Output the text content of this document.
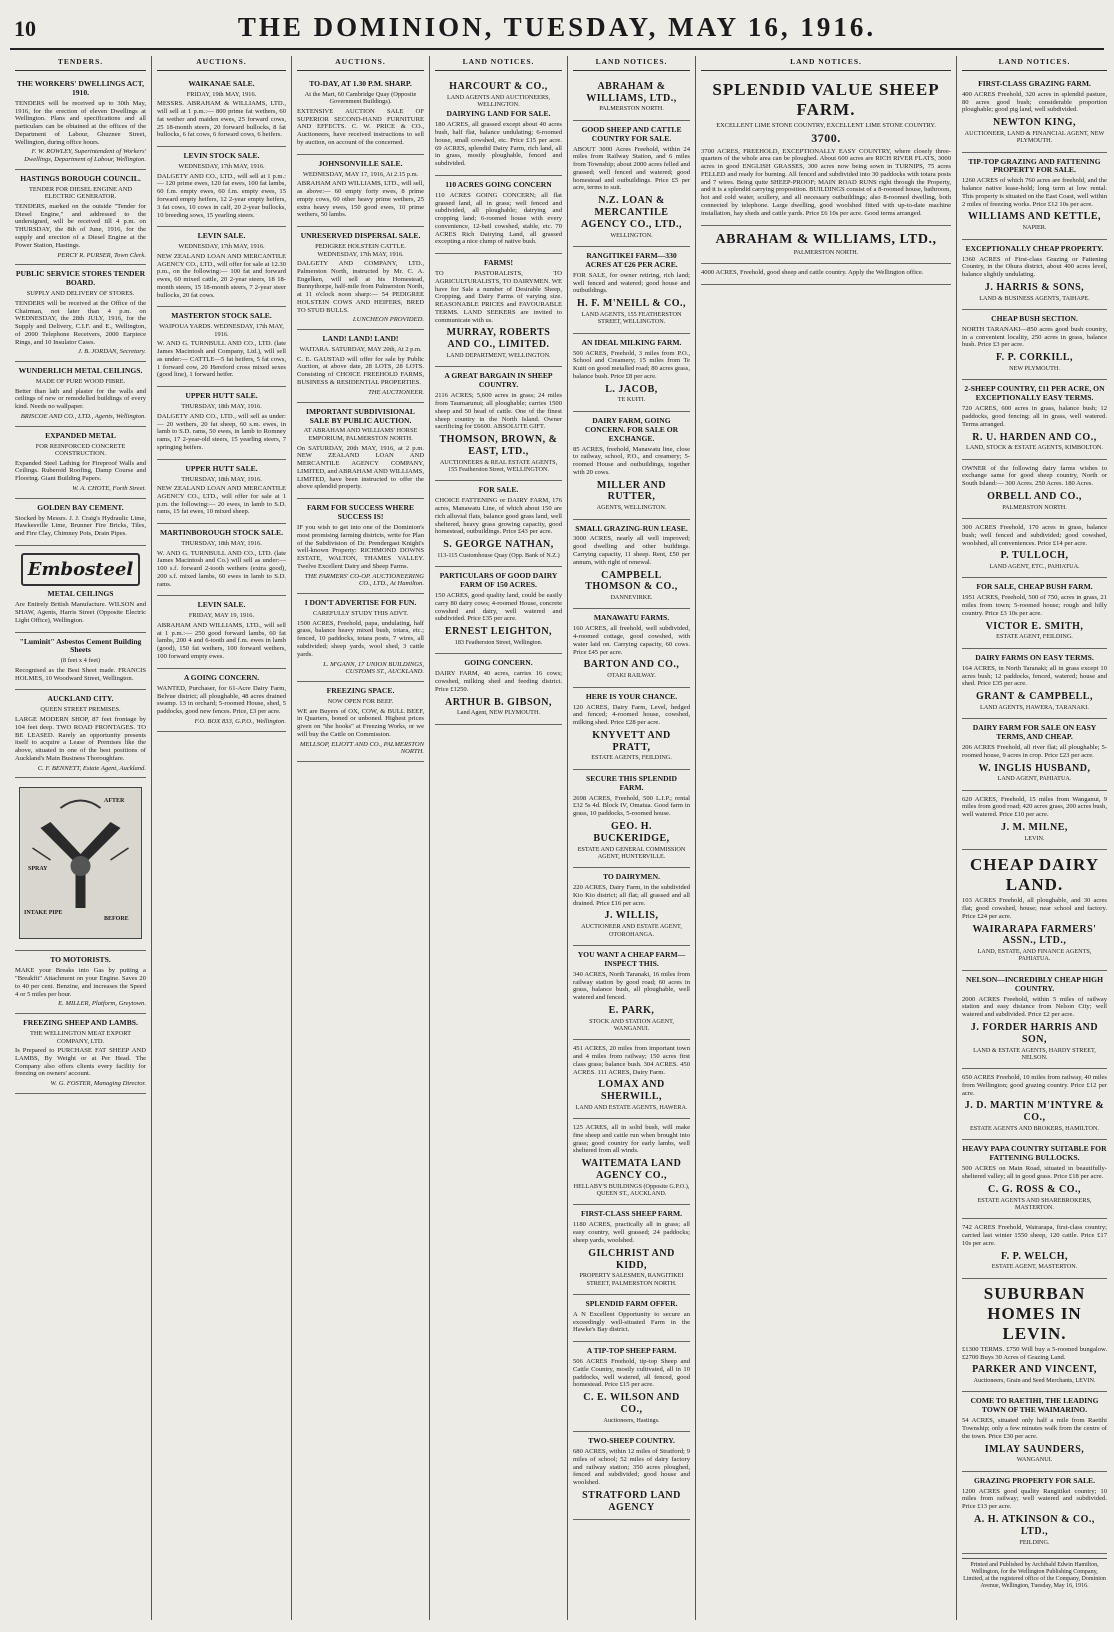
10	THE DOMINION, TUESDAY, MAY 16, 1916.
TENDERS.
THE WORKERS' DWELLINGS ACT, 1910.
TENDERS will be received up to 30th May, 1916, for the erection of eleven Dwellings at Wellington. Plans and specifications and all particulars can be obtained at the offices of the Department of Labour, Ghuznee Street, Wellington, during office hours.
F. W. ROWLEY, Superintendent of Workers' Dwellings, Department of Labour, Wellington.
HASTINGS BOROUGH COUNCIL.
TENDER FOR DIESEL ENGINE AND ELECTRIC GENERATOR.
TENDERS, marked on the outside "Tender for Diesel Engine," and addressed to the undersigned, will be received till 4 p.m. on THURSDAY, the 8th of June, 1916, for the supply and erection of a Diesel Engine at the Power Station, Hastings.
PERCY R. PURSER, Town Clerk.
PUBLIC SERVICE STORES TENDER BOARD.
SUPPLY AND DELIVERY OF STORES.
TENDERS will be received at the Office of the Chairman, not later than 4 p.m. on WEDNESDAY, the 28th JULY, 1916, for the Supply and Delivery, C.I.F. and E., Wellington, of 2000 Telephone Receivers, 2000 Earpiece Rings, and 10 Insulator Cases.
J. B. JORDAN, Secretary.
WUNDERLICH METAL CEILINGS.
MADE OF PURE WOOD FIBRE.
Better than lath and plaster for the walls and ceilings of new or remodelled buildings of every kind. Needs no wallpaper.
BRISCOE AND CO., LTD., Agents, Wellington.
EXPANDED METAL
FOR REINFORCED CONCRETE CONSTRUCTION.
Expanded Steel Lathing for Fireproof Walls and Ceilings. Ruberoid Roofing, Damp Course and Flooring. Giant Building Papers.
W. A. CHOTE, Forth Street.
GOLDEN BAY CEMENT.
Stocked by Messrs. J. J. Craig's Hydraulic Lime, Hawkesville Lime, Brunner Fire Bricks, Tiles, and Fire Clay, Chimney Pots, Drain Pipes.
Embosteel
METAL CEILINGS
Are Entirely British Manufacture. WILSON and SHAW, Agents, Harris Street (Opposite Electric Light Office), Wellington.
"Luminit" Asbestos Cement Building Sheets
(8 feet x 4 feet)
Recognised as the Best Sheet made. FRANCIS HOLMES, 10 Woodward Street, Wellington.
AUCKLAND CITY.
QUEEN STREET PREMISES.
LARGE MODERN SHOP, 87 feet frontage by 104 feet deep. TWO ROAD FRONTAGES. TO BE LEASED. Rarely an opportunity presents itself to acquire a Lease of Premises like the above, situated in one of the best positions of Auckland's Main Business Thoroughfare.
C. F. BENNETT, Estate Agent, Auckland.
SPRAY
AFTER
BEFORE
INTAKE PIPE
TO MOTORISTS.
MAKE your Breaks into Gas by putting a "Breakfit" Attachment on your Engine. Saves 20 to 40 per cent. Benzine, and increases the Speed 4 or 5 miles per hour.
E. MILLER, Platform, Greytown.
FREEZING SHEEP AND LAMBS.
THE WELLINGTON MEAT EXPORT COMPANY, LTD.
Is Prepared to PURCHASE FAT SHEEP AND LAMBS, By Weight or at Per Head. The Company also offers clients every facility for freezing on owners' account.
W. G. FOSTER, Managing Director.
AUCTIONS.
WAIKANAE SALE.
FRIDAY, 19th MAY, 1916.
MESSRS. ABRAHAM & WILLIAMS, LTD., will sell at 1 p.m.:— 800 prime fat wethers, 60 fat wether and maiden ewes, 25 forward cows, 25 18-month steers, 20 forward bullocks, 8 fat bullocks, 6 fat cows, 6 forward cows, 6 heifers.
LEVIN STOCK SALE.
WEDNESDAY, 17th MAY, 1916.
DALGETY AND CO., LTD., will sell at 1 p.m.:— 120 prime ewes, 120 fat ewes, 100 fat lambs, 60 f.m. empty ewes, 60 f.m. empty ewes, 15 forward empty heifers, 12 2-year empty heifers, 3 fat cows, 10 cows in calf, 20 2-year bullocks, 10 breeding sows, 15 yearling steers.
LEVIN SALE.
WEDNESDAY, 17th MAY, 1916.
NEW ZEALAND LOAN AND MERCANTILE AGENCY CO., LTD., will offer for sale at 12.30 p.m., on the following:— 100 fat and forward ewes, 60 mixed cattle, 20 2-year steers, 18 18-month steers, 15 18-month steers, 7 2-year steer bullocks, 20 fat cows.
MASTERTON STOCK SALE.
WAIPOUA YARDS. WEDNESDAY, 17th MAY, 1916.
W. AND G. TURNBULL AND CO., LTD. (late James Macintosh and Company, Ltd.), will sell as under:— CATTLE—5 fat heifers, 5 fat cows, 1 forward cow, 20 Hereford cross mixed sexes (good line), 1 forward heifer.
UPPER HUTT SALE.
THURSDAY, 18th MAY, 1916.
DALGETY AND CO., LTD., will sell as under:— 20 wethers, 20 fat sheep, 60 s.m. ewes, in lamb to S.D. rams, 50 ewes, in lamb to Romney rams, 17 2-year-old steers, 15 yearling steers, 7 springing heifers.
UPPER HUTT SALE.
THURSDAY, 18th MAY, 1916.
NEW ZEALAND LOAN AND MERCANTILE AGENCY CO., LTD., will offer for sale at 1 p.m. the following:— 20 ewes, in lamb to S.D. rams, 15 fat ewes, 10 mixed sheep.
MARTINBOROUGH STOCK SALE.
THURSDAY, 18th MAY, 1916.
W. AND G. TURNBULL AND CO., LTD. (late James Macintosh and Co.) will sell as under:— 100 s.f. forward 2-tooth wethers (extra good), 200 s.f. mixed lambs, 60 ewes in lamb to S.D. rams.
LEVIN SALE.
FRIDAY, MAY 19, 1916.
ABRAHAM AND WILLIAMS, LTD., will sell at 1 p.m.:— 250 good forward lambs, 60 fat lambs, 200 4 and 6-tooth and f.m. ewes in lamb (good), 150 fat wethers, 100 forward wethers, 100 forward empty ewes.
A GOING CONCERN.
WANTED, Purchaser, for 61-Acre Dairy Farm, Belvue district; all ploughable, 48 acres drained swamp. 13 in orchard; 5-roomed House, shed, 5 paddocks, good new fences. Price, £3 per acre.
F.O. BOX 833, G.P.O., Wellington.
AUCTIONS.
TO-DAY, AT 1.30 P.M. SHARP.
At the Mart, 60 Cambridge Quay (Opposite Government Buildings).
EXTENSIVE AUCTION SALE OF SUPERIOR SECOND-HAND FURNITURE AND EFFECTS. C. W. PRICE & CO., Auctioneers, have received instructions to sell by auction, on account of the concerned.
JOHNSONVILLE SALE.
WEDNESDAY, MAY 17, 1916, At 2.15 p.m.
ABRAHAM AND WILLIAMS, LTD., will sell, as above:— 60 empty forty ewes, 8 prime empty cows, 60 other heavy prime wethers, 25 extra heavy ewes, 150 good ewes, 10 prime wethers, 50 lambs.
UNRESERVED DISPERSAL SALE.
PEDIGREE HOLSTEIN CATTLE. WEDNESDAY, 17th MAY, 1916.
DALGETY AND COMPANY, LTD., Palmerston North, instructed by Mr. C. A. Engelken, will sell at his Homestead, Bunnythorpe, half-mile from Palmerston North, at 11 o'clock noon sharp:— 54 PEDIGREE HOLSTEIN COWS AND HEIFERS, BRED TO STUD BULLS.
LUNCHEON PROVIDED.
LAND! LAND! LAND!
WAITARA. SATURDAY, MAY 20th, At 2 p.m.
C. E. GAUSTAD will offer for sale by Public Auction, at above date, 28 LOTS, 28 LOTS. Consisting of CHOICE FREEHOLD FARMS, BUSINESS & RESIDENTIAL PROPERTIES.
THE AUCTIONEER.
IMPORTANT SUBDIVISIONAL SALE BY PUBLIC AUCTION.
AT ABRAHAM AND WILLIAMS' HORSE EMPORIUM, PALMERSTON NORTH.
On SATURDAY, 20th MAY, 1916, at 2 p.m. NEW ZEALAND LOAN AND MERCANTILE AGENCY COMPANY, LIMITED, and ABRAHAM AND WILLIAMS, LIMITED, have been instructed to offer the above splendid property.
FARM FOR SUCCESS WHERE SUCCESS IS!
IF you wish to get into one of the Dominion's most promising farming districts, write for Plan of the Subdivision of Dr. Prendergast Knight's well-known Property: RICHMOND DOWNS ESTATE, WALTON, THAMES VALLEY. Twelve Excellent Dairy and Sheep Farms.
THE FARMERS' CO-OP. AUCTIONEERING CO., LTD., At Hamilton.
I DON'T ADVERTISE FOR FUN.
CAREFULLY STUDY THIS ADVT.
1500 ACRES, Freehold, papa, undulating, half grass, balance heavy mixed bush, totara, etc.; fenced, 10 paddocks, totara posts, 7 wires, all subdivided; sheep yards, wool shed, 3 cattle yards.
L. M'GANN, 17 UNION BUILDINGS, CUSTOMS ST., AUCKLAND.
FREEZING SPACE.
NOW OPEN FOR BEEF.
WE are Buyers of OX, COW, & BULL BEEF, in Quarters, boned or unboned. Highest prices given on "the hooks" at Freezing Works, or we will buy the Cattle on Commission.
MELLSOP, ELIOTT AND CO., PALMERSTON NORTH.
LAND NOTICES.
HARCOURT & CO.,
LAND AGENTS AND AUCTIONEERS, WELLINGTON.
DAIRYING LAND FOR SALE.
180 ACRES, all grassed except about 40 acres bush, half flat, balance undulating; 6-roomed house, small cowshed, etc. Price £15 per acre. 69 ACRES, splendid Dairy Farm, rich land, all in grass, mostly ploughable, fenced and subdivided.
110 ACRES GOING CONCERN
110 ACRES GOING CONCERN; all flat grassed land, all in grass; well fenced and subdivided, all ploughable; dairying and cropping land; 6-roomed house with every convenience, 12-bail cowshed, stable, etc. 70 ACRES Rich Dairying Land, all grassed excepting a nice clump of native bush.
FARMS!
TO PASTORALISTS, TO AGRICULTURALISTS, TO DAIRYMEN. WE have for Sale a number of Desirable Sheep, Cropping, and Dairy Farms of varying size. REASONABLE PRICES and FAVOURABLE TERMS. LAND SEEKERS are invited to communicate with us.
MURRAY, ROBERTS AND CO., LIMITED.
LAND DEPARTMENT, WELLINGTON.
A GREAT BARGAIN IN SHEEP COUNTRY.
2116 ACRES; 5,600 acres in grass; 24 miles from Taumarunui; all ploughable; carries 1500 sheep and 50 head of cattle. One of the finest sheep country in the North Island. Owner sacrificing for £6600. ABSOLUTE GIFT.
THOMSON, BROWN, & EAST, LTD.,
AUCTIONEERS & REAL ESTATE AGENTS, 155 Featherston Street, WELLINGTON.
FOR SALE.
CHOICE FATTENING or DAIRY FARM, 176 acres, Manawatu Line, of which about 150 are rich alluvial flats, balance good grass land, well sheltered, heavy grass growing capacity, good homestead, outbuildings. Price £43 per acre.
S. GEORGE NATHAN,
113-115 Customhouse Quay (Opp. Bank of N.Z.)
PARTICULARS OF GOOD DAIRY FARM OF 150 ACRES.
150 ACRES, good quality land, could be easily carry 80 dairy cows; 4-roomed House, concrete cowshed and dairy, well watered and subdivided. Price £35 per acre.
ERNEST LEIGHTON,
183 Featherston Street, Wellington.
GOING CONCERN.
DAIRY FARM, 40 acres, carries 16 cows; cowshed, milking shed and feeding district. Price £1250.
ARTHUR B. GIBSON,
Land Agent, NEW PLYMOUTH.
LAND NOTICES.
ABRAHAM & WILLIAMS, LTD.,
PALMERSTON NORTH.
GOOD SHEEP AND CATTLE COUNTRY FOR SALE.
ABOUT 3000 Acres Freehold, within 24 miles from Railway Station, and 6 miles from Township; about 2000 acres felled and grassed; well fenced and watered; good homestead and outbuildings. Price £5 per acre, terms to suit.
N.Z. LOAN & MERCANTILE AGENCY CO., LTD.,
WELLINGTON.
RANGITIKEI FARM—330 ACRES AT £26 PER ACRE.
FOR SALE, for owner retiring, rich land; well fenced and watered; good house and outbuildings.
H. F. M'NEILL & CO.,
LAND AGENTS, 155 FEATHERSTON STREET, WELLINGTON.
AN IDEAL MILKING FARM.
500 ACRES, Freehold, 3 miles from P.O., School and Creamery; 15 miles from Te Kuiti on good metalled road; 80 acres grass, balance bush. Price £8 per acre.
L. JACOB,
TE KUITI.
DAIRY FARM, GOING CONCERN. FOR SALE OR EXCHANGE.
85 ACRES, freehold, Manawatu line, close to railway, school, P.O., and creamery; 5-roomed House and outbuildings, together with 20 cows.
MILLER AND RUTTER,
AGENTS, WELLINGTON.
SMALL GRAZING-RUN LEASE.
3000 ACRES, nearly all well improved; good dwelling and other buildings. Carrying capacity, 11 sheep. Rent, £50 per annum, with right of renewal.
CAMPBELL THOMSON & CO.,
DANNEVIRKE.
MANAWATU FARMS.
160 ACRES, all freehold, well subdivided, 4-roomed cottage, good cowshed, with water laid on. Carrying capacity, 60 cows. Price £45 per acre.
BARTON AND CO.,
OTAKI RAILWAY.
HERE IS YOUR CHANCE.
120 ACRES, Dairy Farm, Level, hedged and fenced; 4-roomed house, cowshed, milking shed. Price £28 per acre.
KNYVETT AND PRATT,
ESTATE AGENTS, FEILDING.
SECURE THIS SPLENDID FARM.
2698 ACRES, Freehold, 500 L.I.P.; rental £32 5s 4d. Block IV, Omatua. Good farm in grass, 10 paddocks, 5-roomed house.
GEO. H. BUCKERIDGE,
ESTATE AND GENERAL COMMISSION AGENT, HUNTERVILLE.
TO DAIRYMEN.
220 ACRES, Dairy Farm, in the subdivided Kio Kio district; all flat; all grassed and all drained. Price £16 per acre.
J. WILLIS,
AUCTIONEER AND ESTATE AGENT, OTOROHANGA.
YOU WANT A CHEAP FARM—INSPECT THIS.
340 ACRES, North Taranaki, 16 miles from railway station by good road; 60 acres in grass, balance bush, all ploughable, well watered and fenced.
E. PARK,
STOCK AND STATION AGENT, WANGANUI.
451 ACRES, 20 miles from important town and 4 miles from railway; 150 acres first class grass; balance bush. 304 ACRES. 450 ACRES. 111 ACRES, Dairy Farm.
LOMAX AND SHERWILL,
LAND AND ESTATE AGENTS, HAWERA.
125 ACRES, all in solid bush, will make fine sheep and cattle run when brought into grass; good country for early lambs, well sheltered from all winds.
WAITEMATA LAND AGENCY CO.,
HELLABY'S BUILDINGS (Opposite G.P.O.), QUEEN ST., AUCKLAND.
FIRST-CLASS SHEEP FARM.
1180 ACRES, practically all in grass; all easy country, well grassed; 24 paddocks; sheep yards, woolshed.
GILCHRIST AND KIDD,
PROPERTY SALESMEN, RANGITIKEI STREET, PALMERSTON NORTH.
SPLENDID FARM OFFER.
A N Excellent Opportunity to secure an exceedingly well-situated Farm in the Hawke's Bay district.
A TIP-TOP SHEEP FARM.
506 ACRES Freehold, tip-top Sheep and Cattle Country, mostly cultivated, all in 10 paddocks, well watered, all fenced, good homestead. Price £15 per acre.
C. E. WILSON AND CO.,
Auctioneers, Hastings.
TWO-SHEEP COUNTRY.
680 ACRES, within 12 miles of Stratford; 9 miles of school; 52 miles of dairy factory and railway station; 350 acres ploughed, fenced and subdivided; good house and woolshed.
STRATFORD LAND AGENCY
LAND NOTICES.
SPLENDID VALUE SHEEP FARM.
EXCELLENT LIME STONE COUNTRY, EXCELLENT LIME STONE COUNTRY.
3700.
3700 ACRES, FREEHOLD, EXCEPTIONALLY EASY COUNTRY, where closely three-quarters of the whole area can be ploughed. About 600 acres are RICH RIVER FLATS, 3000 acres in good ENGLISH GRASSES, 300 acres now being sown in TURNIPS, 75 acres FELLED and ready for burning. All fenced and subdivided into 30 paddocks with totara posts and 7 wires. Being quite SHEEP-PROOF; MAIN ROAD RUNS right through the Property, and it is a splendid carrying proposition. BUILDINGS consist of a 8-roomed house, bathroom, hot and cold water, scullery, and all necessary outbuildings; also 8-roomed dwelling, both connected by telephone. Large dwelling, good woolshed fitted with up-to-date machine installation, hay sheds and cattle yards. Price £6 10s per acre. Good terms arranged.
ABRAHAM & WILLIAMS, LTD.,
PALMERSTON NORTH.
4000 ACRES, Freehold, good sheep and cattle country. Apply the Wellington office.
LAND NOTICES.
FIRST-CLASS GRAZING FARM.
400 ACRES Freehold, 320 acres in splendid pasture, 80 acres good bush; considerable proportion ploughable; good pig land, well subdivided.
NEWTON KING,
AUCTIONEER, LAND & FINANCIAL AGENT, NEW PLYMOUTH.
TIP-TOP GRAZING AND FATTENING PROPERTY FOR SALE.
1260 ACRES of which 760 acres are freehold, and the balance native lease-hold; long term at low rental. This property is situated on the East Coast, well within 2 miles of freezing works. Price £12 10s per acre.
WILLIAMS AND KETTLE,
NAPIER.
EXCEPTIONALLY CHEAP PROPERTY.
1360 ACRES of First-class Grazing or Fattening Country, in the Ohura district, about 400 acres level, balance slightly undulating.
J. HARRIS & SONS,
LAND & BUSINESS AGENTS, TAIHAPE.
CHEAP BUSH SECTION.
NORTH TARANAKI—850 acres good bush country, in a convenient locality, 250 acres in grass, balance bush. Price £3 per acre.
F. P. CORKILL,
NEW PLYMOUTH.
2-SHEEP COUNTRY, £11 PER ACRE, ON EXCEPTIONALLY EASY TERMS.
720 ACRES, 600 acres in grass, balance bush; 12 paddocks, good fencing; all in grass, well watered. Terms arranged.
R. U. HARDEN AND CO.,
LAND, STOCK & ESTATE AGENTS, KIMBOLTON.
OWNER of the following dairy farms wishes to exchange same for good sheep country, North or South Island:— 300 Acres. 250 Acres. 180 Acres.
ORBELL AND CO.,
PALMERSTON NORTH.
300 ACRES Freehold, 170 acres in grass, balance bush; well fenced and subdivided; good cowshed, woolshed, all conveniences. Price £14 per acre.
P. TULLOCH,
LAND AGENT, ETC., PAHIATUA.
FOR SALE, CHEAP BUSH FARM.
1951 ACRES, Freehold, 500 of 750, acres in grass, 21 miles from town; 5-roomed house; rough and hilly country. Price £3 10s per acre.
VICTOR E. SMITH,
ESTATE AGENT, FEILDING.
DAIRY FARMS ON EASY TERMS.
164 ACRES, in North Taranaki; all in grass except 10 acres bush; 12 paddocks, fenced, watered; house and shed. Price £35 per acre.
GRANT & CAMPBELL,
LAND AGENTS, HAWERA, TARANAKI.
DAIRY FARM FOR SALE ON EASY TERMS, AND CHEAP.
206 ACRES Freehold, all river flat; all ploughable; 5-roomed house, 9 acres in crop. Price £23 per acre.
W. INGLIS HUSBAND,
LAND AGENT, PAHIATUA.
620 ACRES, Freehold, 15 miles from Wanganui, 9 miles from good road; 420 acres grass, 200 acres bush, well watered. Price £10 per acre.
J. M. MILNE,
LEVIN.
CHEAP DAIRY LAND.
103 ACRES Freehold, all ploughable, and 30 acres flat; good cowshed, house; near school and factory. Price £24 per acre.
WAIRARAPA FARMERS' ASSN., LTD.,
LAND, ESTATE, AND FINANCE AGENTS, PAHIATUA.
NELSON—INCREDIBLY CHEAP HIGH COUNTRY.
2000 ACRES Freehold, within 5 miles of railway station and easy distance from Nelson City; well watered and subdivided. Price £2 per acre.
J. FORDER HARRIS AND SON,
LAND & ESTATE AGENTS, HARDY STREET, NELSON.
650 ACRES Freehold, 10 miles from railway, 40 miles from Wellington; good grazing country. Price £12 per acre.
J. D. MARTIN M'INTYRE & CO.,
ESTATE AGENTS AND BROKERS, HAMILTON.
HEAVY PAPA COUNTRY SUITABLE FOR FATTENING BULLOCKS.
500 ACRES on Main Road, situated in beautifully-sheltered valley; all in good grass. Price £18 per acre.
C. G. ROSS & CO.,
ESTATE AGENTS AND SHAREBROKERS, MASTERTON.
742 ACRES Freehold, Wairarapa, first-class country; carried last winter 1550 sheep, 120 cattle. Price £17 10s per acre.
F. P. WELCH,
ESTATE AGENT, MASTERTON.
SUBURBAN HOMES IN LEVIN.
£1300 TERMS. £750 Will buy a 5-roomed bungalow. £2700 Buys 30 Acres of Grazing Land.
PARKER AND VINCENT,
Auctioneers, Grain and Seed Merchants, LEVIN.
COME TO RAETIHI, THE LEADING TOWN OF THE WAIMARINO.
54 ACRES, situated only half a mile from Raetihi Township; only a few minutes walk from the centre of the town. Price £30 per acre.
IMLAY SAUNDERS,
WANGANUI.
GRAZING PROPERTY FOR SALE.
1200 ACRES good quality Rangitikei country; 10 miles from railway; well watered and subdivided. Price £13 per acre.
A. H. ATKINSON & CO., LTD.,
FEILDING.
Printed and Published by Archibald Edwin Hamilton, Wellington, for the Wellington Publishing Company, Limited, at the registered office of the Company, Dominion Avenue, Wellington, Tuesday, May 16, 1916.
